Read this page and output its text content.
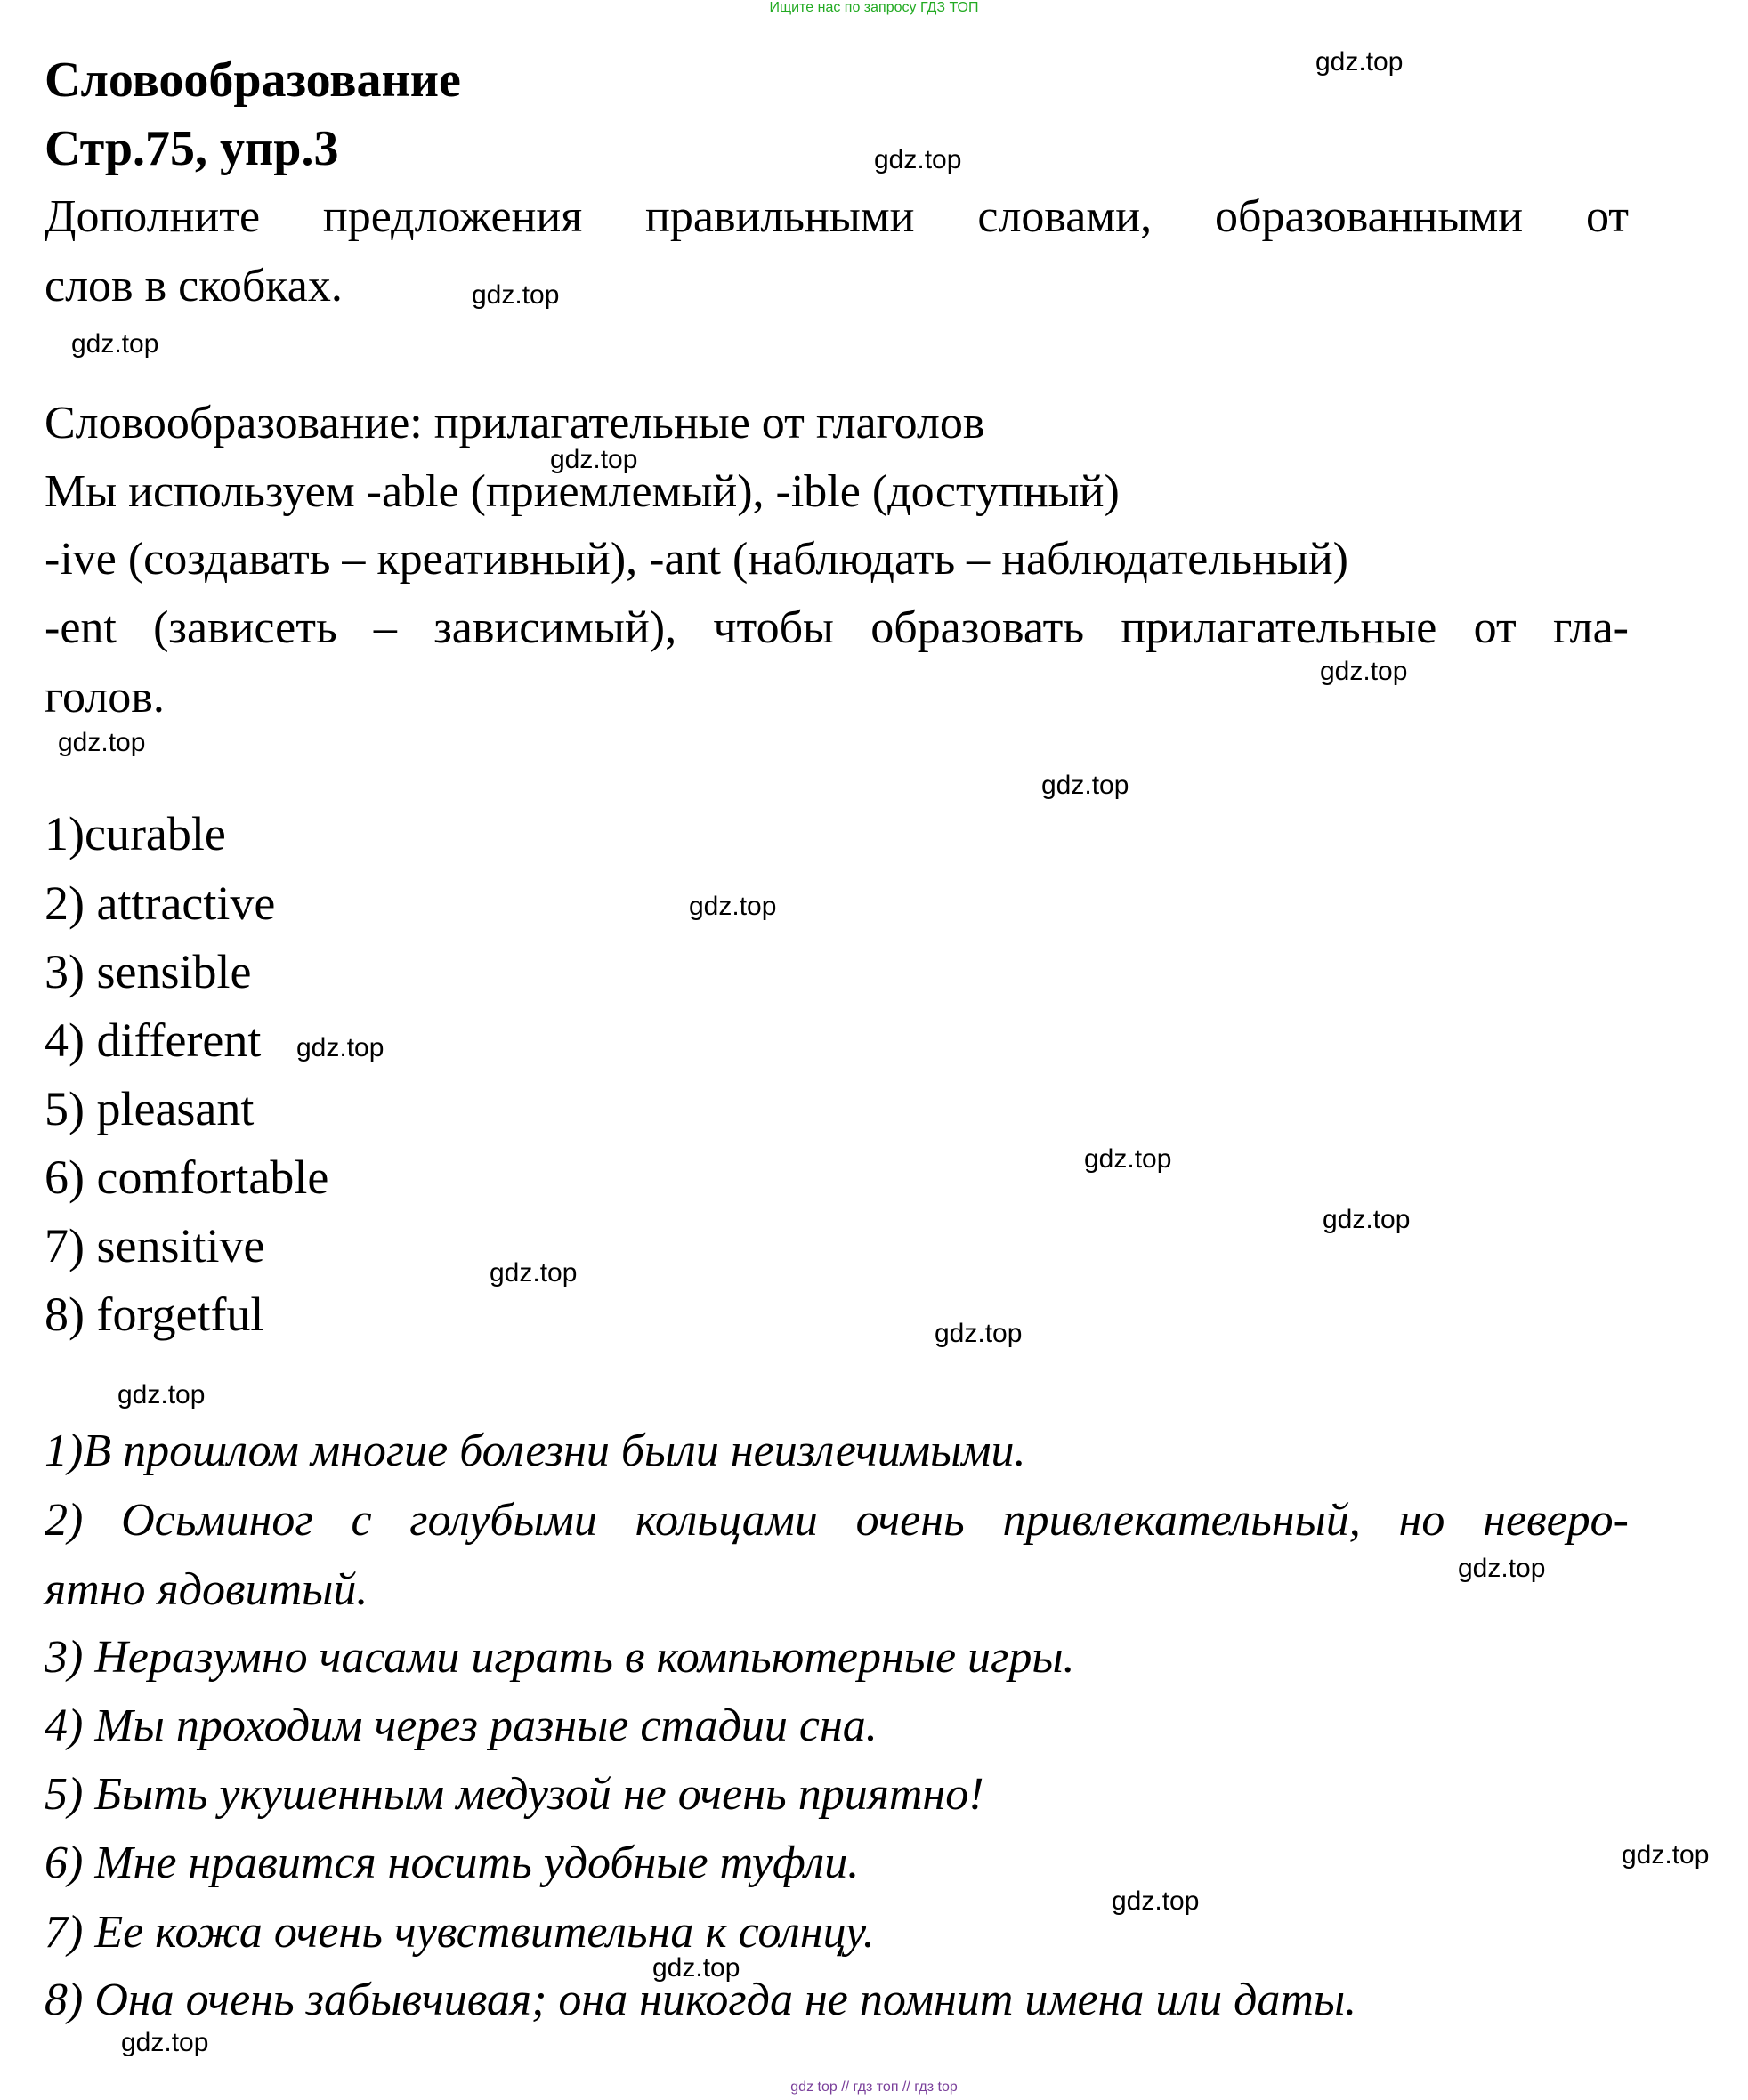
Ищите нас по запросу ГДЗ ТОП
Словообразование
Стр.75, упр.3
Дополните предложения правильными словами, образованными от
слов в скобках.
Словообразование: прилагательные от глаголов
Мы используем -able (приемлемый), -ible (доступный)
-ive (создавать – креативный), -ant (наблюдать – наблюдательный)
-ent (зависеть – зависимый), чтобы образовать прилагательные от гла-
голов.
1)curable
2) attractive
3) sensible
4) different
5) pleasant
6) comfortable
7) sensitive
8) forgetful
1)В прошлом многие болезни были неизлечимыми.
2) Осьминог с голубыми кольцами очень привлекательный, но неверо-
ятно ядовитый.
3) Неразумно часами играть в компьютерные игры.
4) Мы проходим через разные стадии сна.
5) Быть укушенным медузой не очень приятно!
6) Мне нравится носить удобные туфли.
7) Ее кожа очень чувствительна к солнцу.
8) Она очень забывчивая; она никогда не помнит имена или даты.
gdz.top
gdz.top
gdz.top
gdz.top
gdz.top
gdz.top
gdz.top
gdz.top
gdz.top
gdz.top
gdz.top
gdz.top
gdz.top
gdz.top
gdz.top
gdz.top
gdz.top
gdz.top
gdz.top
gdz.top
gdz top // гдз топ // гдз top
